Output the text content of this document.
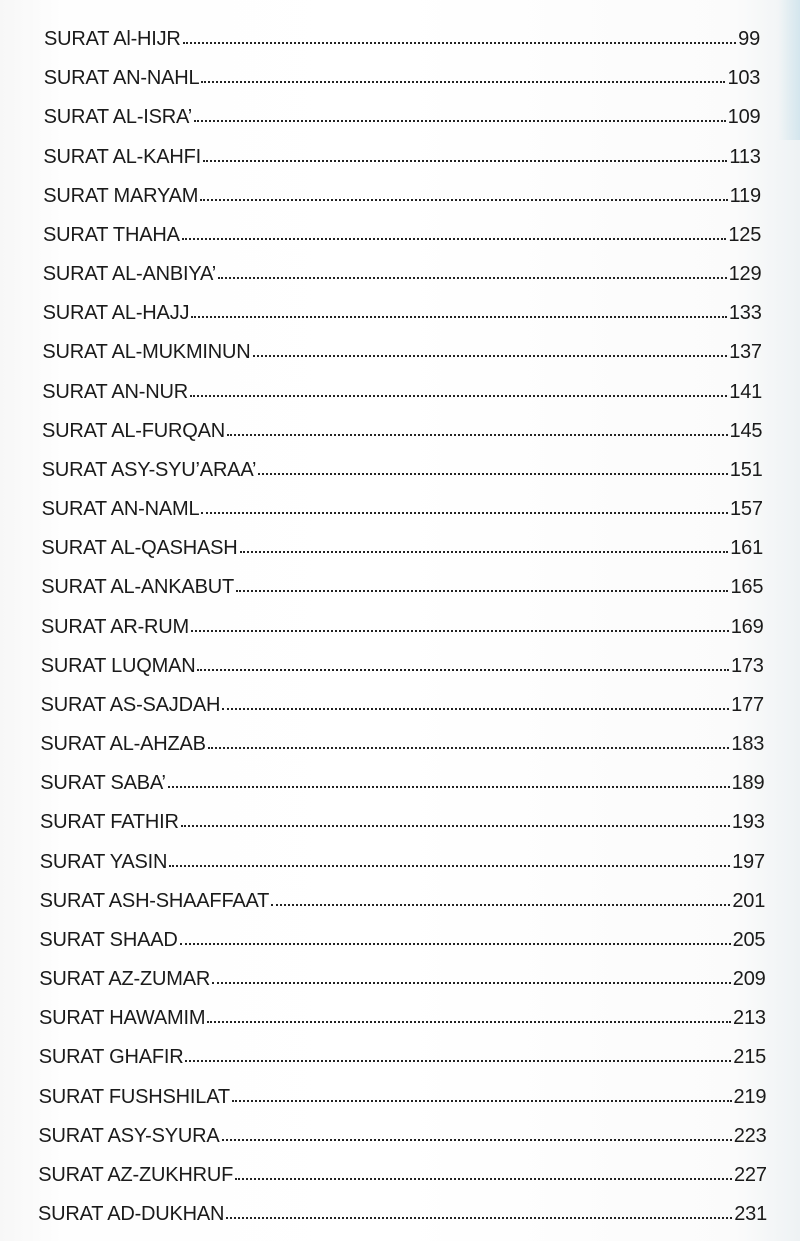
SURAT Al-HIJR	99
SURAT AN-NAHL	103
SURAT AL-ISRA’	109
SURAT AL-KAHFI	113
SURAT MARYAM	119
SURAT THAHA	125
SURAT AL-ANBIYA’	129
SURAT AL-HAJJ	133
SURAT AL-MUKMINUN	137
SURAT AN-NUR	141
SURAT AL-FURQAN	145
SURAT ASY-SYU’ARAA’	151
SURAT AN-NAML	157
SURAT AL-QASHASH	161
SURAT AL-ANKABUT	165
SURAT AR-RUM	169
SURAT LUQMAN	173
SURAT AS-SAJDAH	177
SURAT AL-AHZAB	183
SURAT SABA’	189
SURAT FATHIR	193
SURAT YASIN	197
SURAT ASH-SHAAFFAAT	201
SURAT SHAAD	205
SURAT AZ-ZUMAR	209
SURAT HAWAMIM	213
SURAT GHAFIR	215
SURAT FUSHSHILAT	219
SURAT ASY-SYURA	223
SURAT AZ-ZUKHRUF	227
SURAT AD-DUKHAN	231
